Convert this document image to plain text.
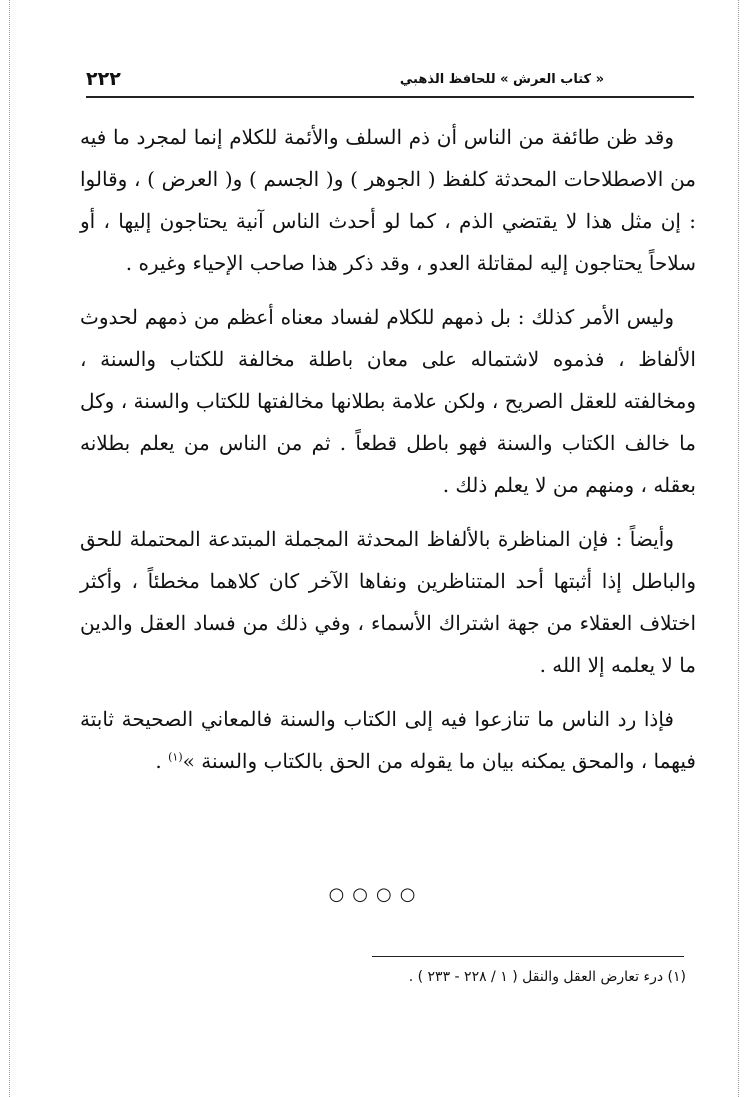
« كتاب العرش » للحافظ الذهبي
٢٢٢

وقد ظن طائفة من الناس أن ذم السلف والأئمة للكلام إنما لمجرد ما فيه من الاصطلاحات المحدثة كلفظ ( الجوهر ) و( الجسم ) و( العرض ) ، وقالوا : إن مثل هذا لا يقتضي الذم ، كما لو أحدث الناس آنية يحتاجون إليها ، أو سلاحاً يحتاجون إليه لمقاتلة العدو ، وقد ذكر هذا صاحب الإحياء وغيره .

وليس الأمر كذلك : بل ذمهم للكلام لفساد معناه أعظم من ذمهم لحدوث الألفاظ ، فذموه لاشتماله على معان باطلة مخالفة للكتاب والسنة ، ومخالفته للعقل الصريح ، ولكن علامة بطلانها مخالفتها للكتاب والسنة ، وكل ما خالف الكتاب والسنة فهو باطل قطعاً . ثم من الناس من يعلم بطلانه بعقله ، ومنهم من لا يعلم ذلك .

وأيضاً : فإن المناظرة بالألفاظ المحدثة المجملة المبتدعة المحتملة للحق والباطل إذا أثبتها أحد المتناظرين ونفاها الآخر كان كلاهما مخطئاً ، وأكثر اختلاف العقلاء من جهة اشتراك الأسماء ، وفي ذلك من فساد العقل والدين ما لا يعلمه إلا الله .

فإذا رد الناس ما تنازعوا فيه إلى الكتاب والسنة فالمعاني الصحيحة ثابتة فيهما ، والمحق يمكنه بيان ما يقوله من الحق بالكتاب والسنة »$^{(١)}$ .

○○○○
(١) درء تعارض العقل والنقل ( ١ / ٢٢٨ - ٢٣٣ ) .
